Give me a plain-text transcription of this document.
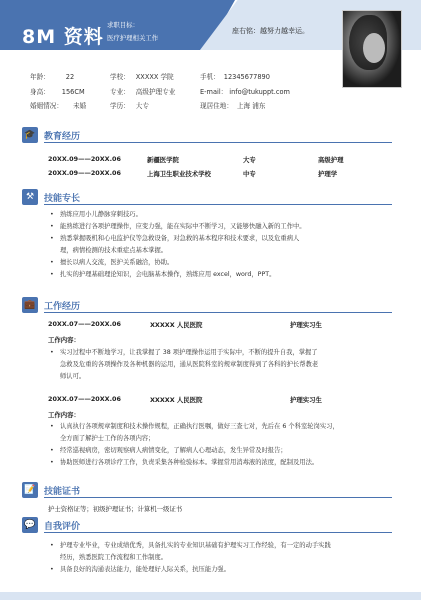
8M 资料
求职目标：
医疗护理相关工作
座右铭：越努力越幸运。
年龄： 22	学校： XXXXX 学院	手机： 12345677890
身高： 156CM	专业： 高级护理专业	E-mail： info@tukuppt.com
婚姻情况： 未婚	学历： 大专	现居住地： 上海 浦东
🎓 教育经历
20XX.09——20XX.06	新疆医学院	大专	高级护理
20XX.09——20XX.06	上海卫生职业技术学校	中专	护理学
⚒	技能专长
• 熟练应用小儿静脉穿刺技巧。
• 能熟练进行各项护理操作，应变力强，能在实际中不断学习，又能够快融入新的工作中。
• 熟悉掌握吸机和心电监护仪等急救设备，对急救的基本程序和技术要求，以及危重病人
理，病情检测的技术重症点基本掌握。
• 擅长以病人交流，医护关系融洽，协助。
• 扎实的护理基础理论知识，会电脑基本操作，熟练应用 excel，word，PPT。
💼 工作经历
20XX.07——20XX.06	XXXXX 人民医院	护理实习生
工作内容：
• 实习过程中不断地学习，让我掌握了 38 项护理操作运用于实际中，不断的提升自我，掌握了
急救及危重的各项操作及各种机器的运用，通从医院科室的规章制度得到了各科的护长帮教老
师认可。
20XX.07——20XX.06	XXXXX 人民医院	护理实习生
工作内容：
• 认真执行各项规章制度和技术操作规程，正确执行医嘱，做好三查七对，先后在 6 个科室轮岗实习，
全方面了解护士工作的各项内容；
• 经常巡视病房，密切观察病人病情变化，了解病人心理动态，发生异常及时报告；
• 协助医师进行各项诊疗工作，负责采集各种检验标本。掌握常用消毒液的浓度，配制及用法。
📝 技能证书
护士资格证等；初级护理证书；计算机一级证书
💬 自我评价
• 护理专业毕业，专业成绩优秀，具备扎实的专业知识基础有护理实习工作经验，有一定的动手实践
经历，熟悉医院工作流程和工作制度。
• 具备良好的沟通表达能力，能处理好人际关系，抗压能力强。
